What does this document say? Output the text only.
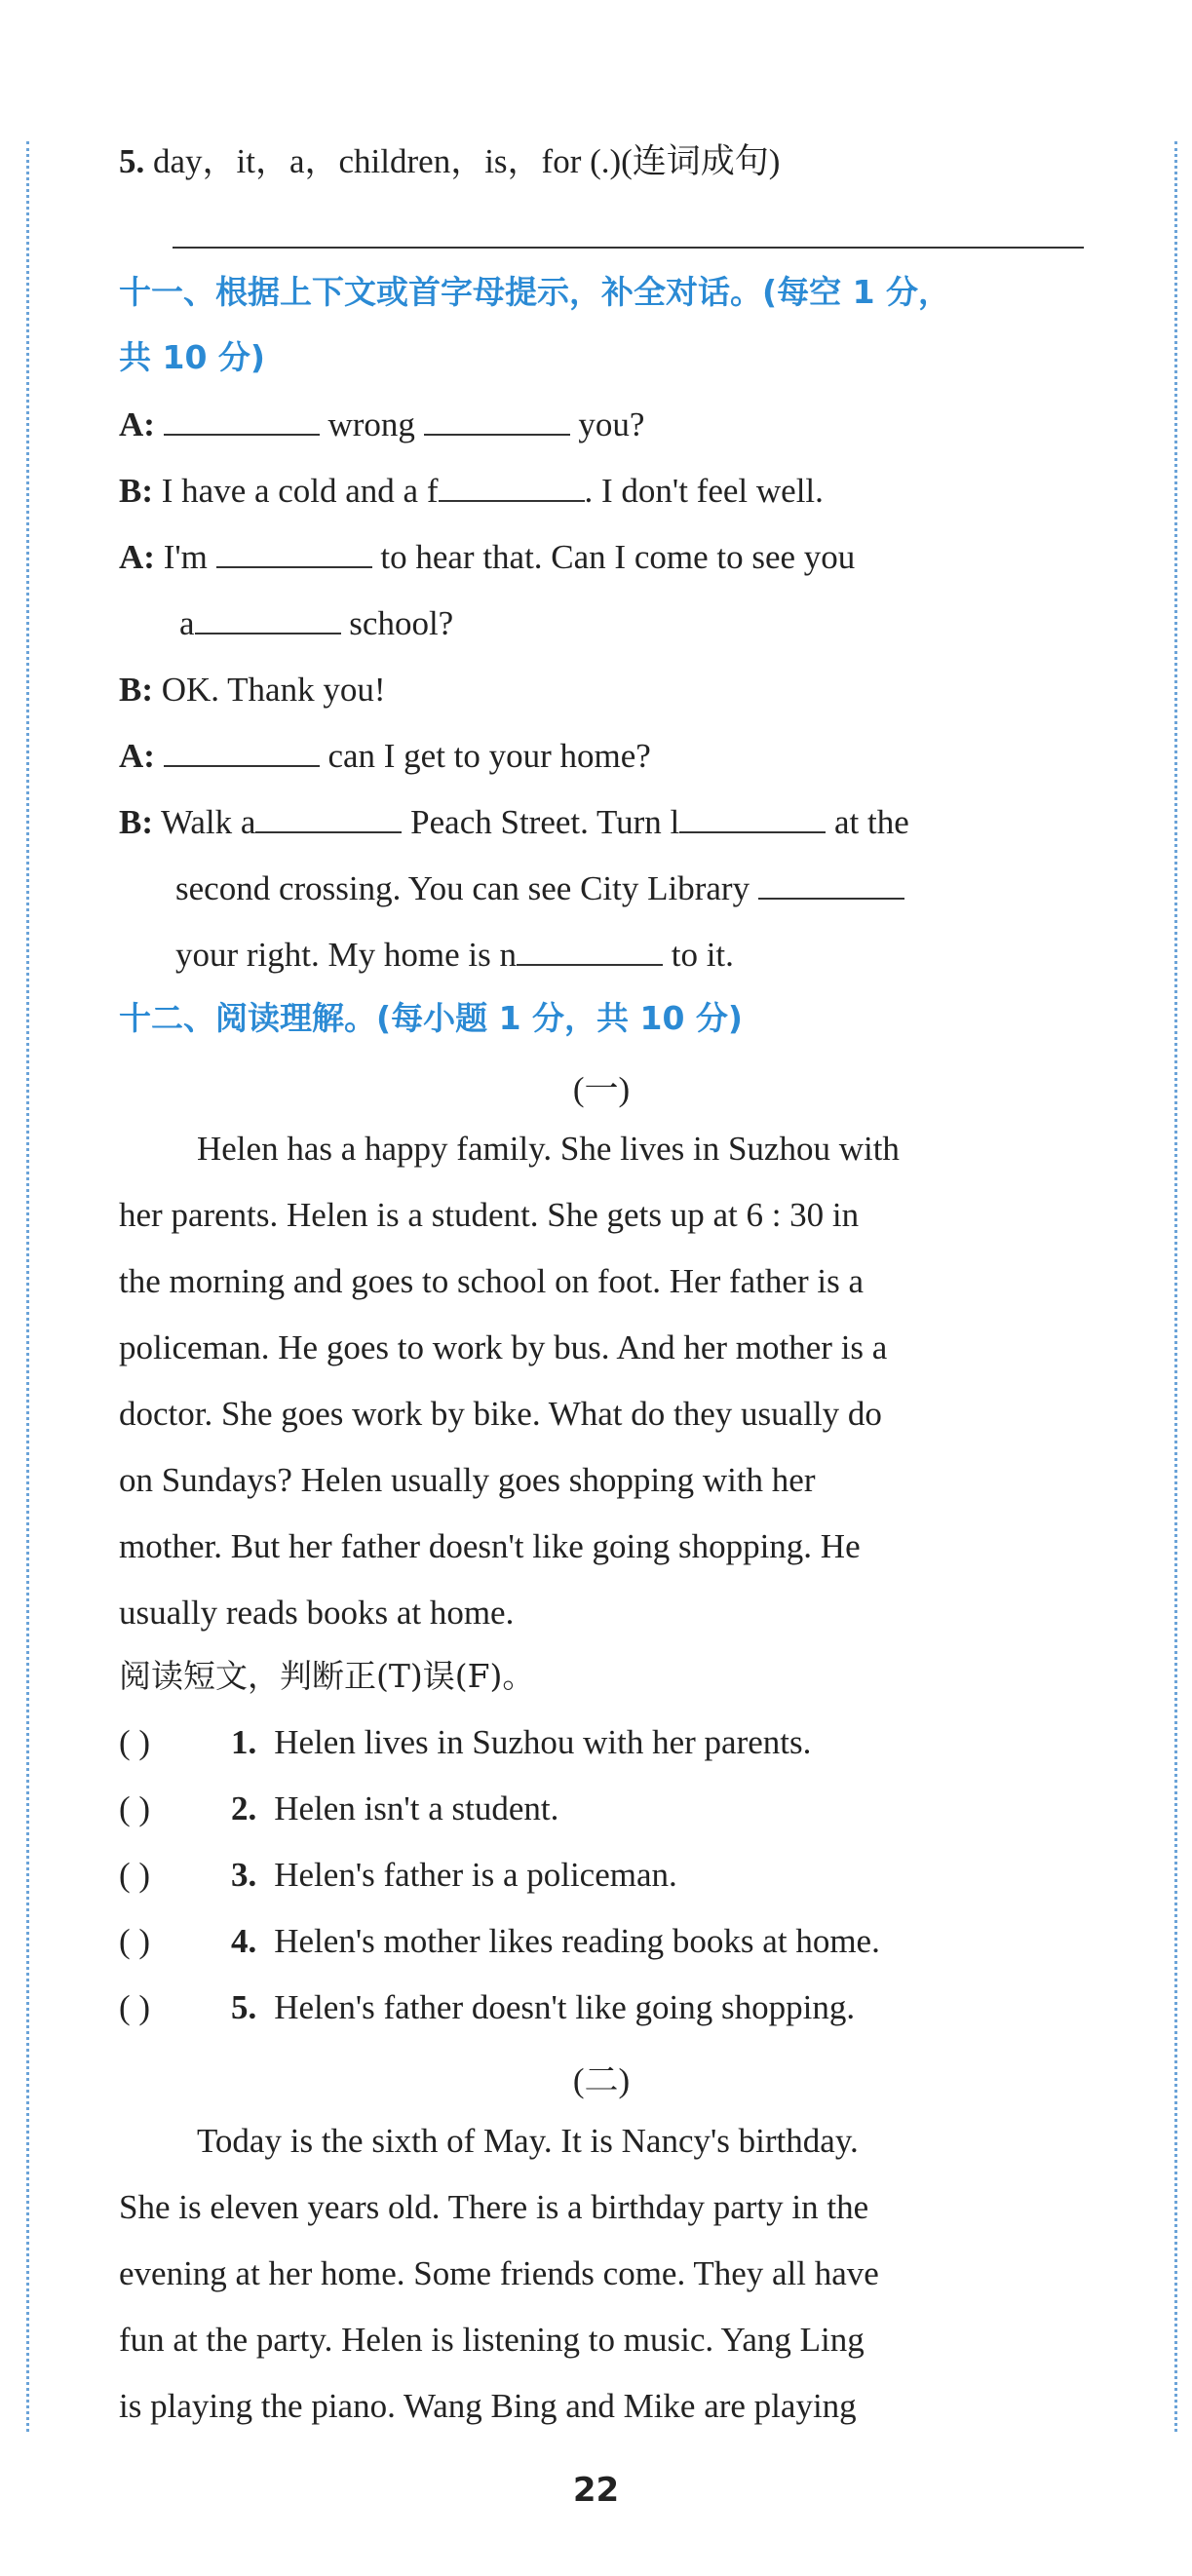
5. day，it，a，children，is，for (.)(连词成句)
十一、根据上下文或首字母提示，补全对话。(每空 1 分，
共 10 分)
A:	wrong	you?
B: I have a cold and a f	. I don't feel well.
A: I'm	to hear that. Can I come to see you
a	school?
B: OK. Thank you!
A:	can I get to your home?
B: Walk a	Peach Street. Turn l	at the
second crossing. You can see City Library
your right. My home is n	to it.
十二、阅读理解。(每小题 1 分，共 10 分)
(一)
Helen has a happy family. She lives in Suzhou with
her parents. Helen is a student. She gets up at 6 : 30 in
the morning and goes to school on foot. Her father is a
policeman. He goes to work by bus. And her mother is a
doctor. She goes work by bike. What do they usually do
on Sundays? Helen usually goes shopping with her
mother. But her father doesn't like going shopping. He
usually reads books at home.
阅读短文，判断正(T)误(F)。
( ) 1. Helen lives in Suzhou with her parents.
( ) 2. Helen isn't a student.
( ) 3. Helen's father is a policeman.
( ) 4. Helen's mother likes reading books at home.
( ) 5. Helen's father doesn't like going shopping.
(二)
Today is the sixth of May. It is Nancy's birthday.
She is eleven years old. There is a birthday party in the
evening at her home. Some friends come. They all have
fun at the party. Helen is listening to music. Yang Ling
is playing the piano. Wang Bing and Mike are playing
22
